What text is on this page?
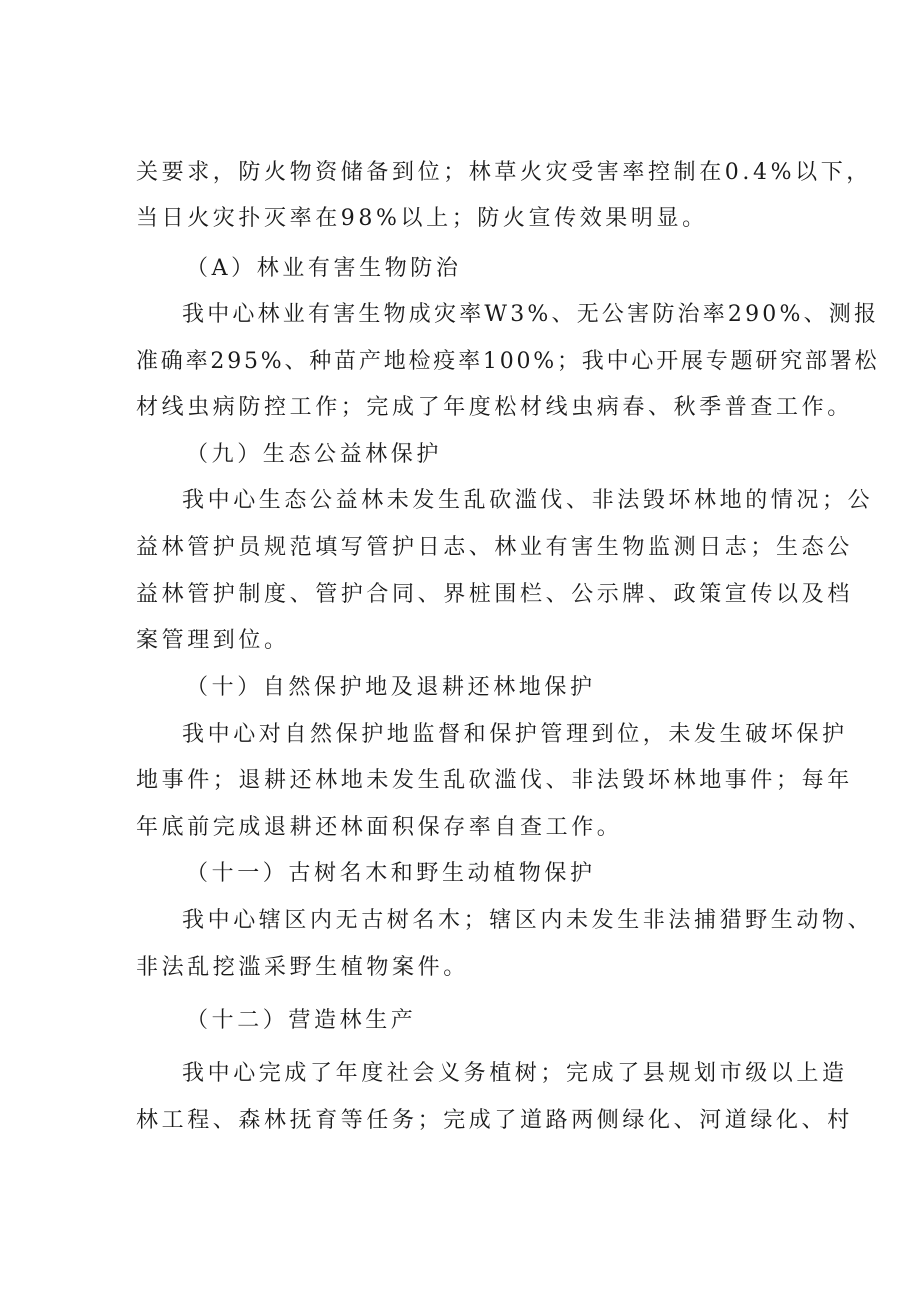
关要求，防火物资储备到位；林草火灾受害率控制在0.4%以下，
当日火灾扑灭率在98%以上；防火宣传效果明显。
（A）林业有害生物防治
我中心林业有害生物成灾率W3%、无公害防治率290%、测报
准确率295%、种苗产地检疫率100%；我中心开展专题研究部署松
材线虫病防控工作；完成了年度松材线虫病春、秋季普查工作。
（九）生态公益林保护
我中心生态公益林未发生乱砍滥伐、非法毁坏林地的情况；公
益林管护员规范填写管护日志、林业有害生物监测日志；生态公
益林管护制度、管护合同、界桩围栏、公示牌、政策宣传以及档
案管理到位。
（十）自然保护地及退耕还林地保护
我中心对自然保护地监督和保护管理到位，未发生破坏保护
地事件；退耕还林地未发生乱砍滥伐、非法毁坏林地事件；每年
年底前完成退耕还林面积保存率自查工作。
（十一）古树名木和野生动植物保护
我中心辖区内无古树名木；辖区内未发生非法捕猎野生动物、
非法乱挖滥采野生植物案件。
（十二）营造林生产
我中心完成了年度社会义务植树；完成了县规划市级以上造
林工程、森林抚育等任务；完成了道路两侧绿化、河道绿化、村
